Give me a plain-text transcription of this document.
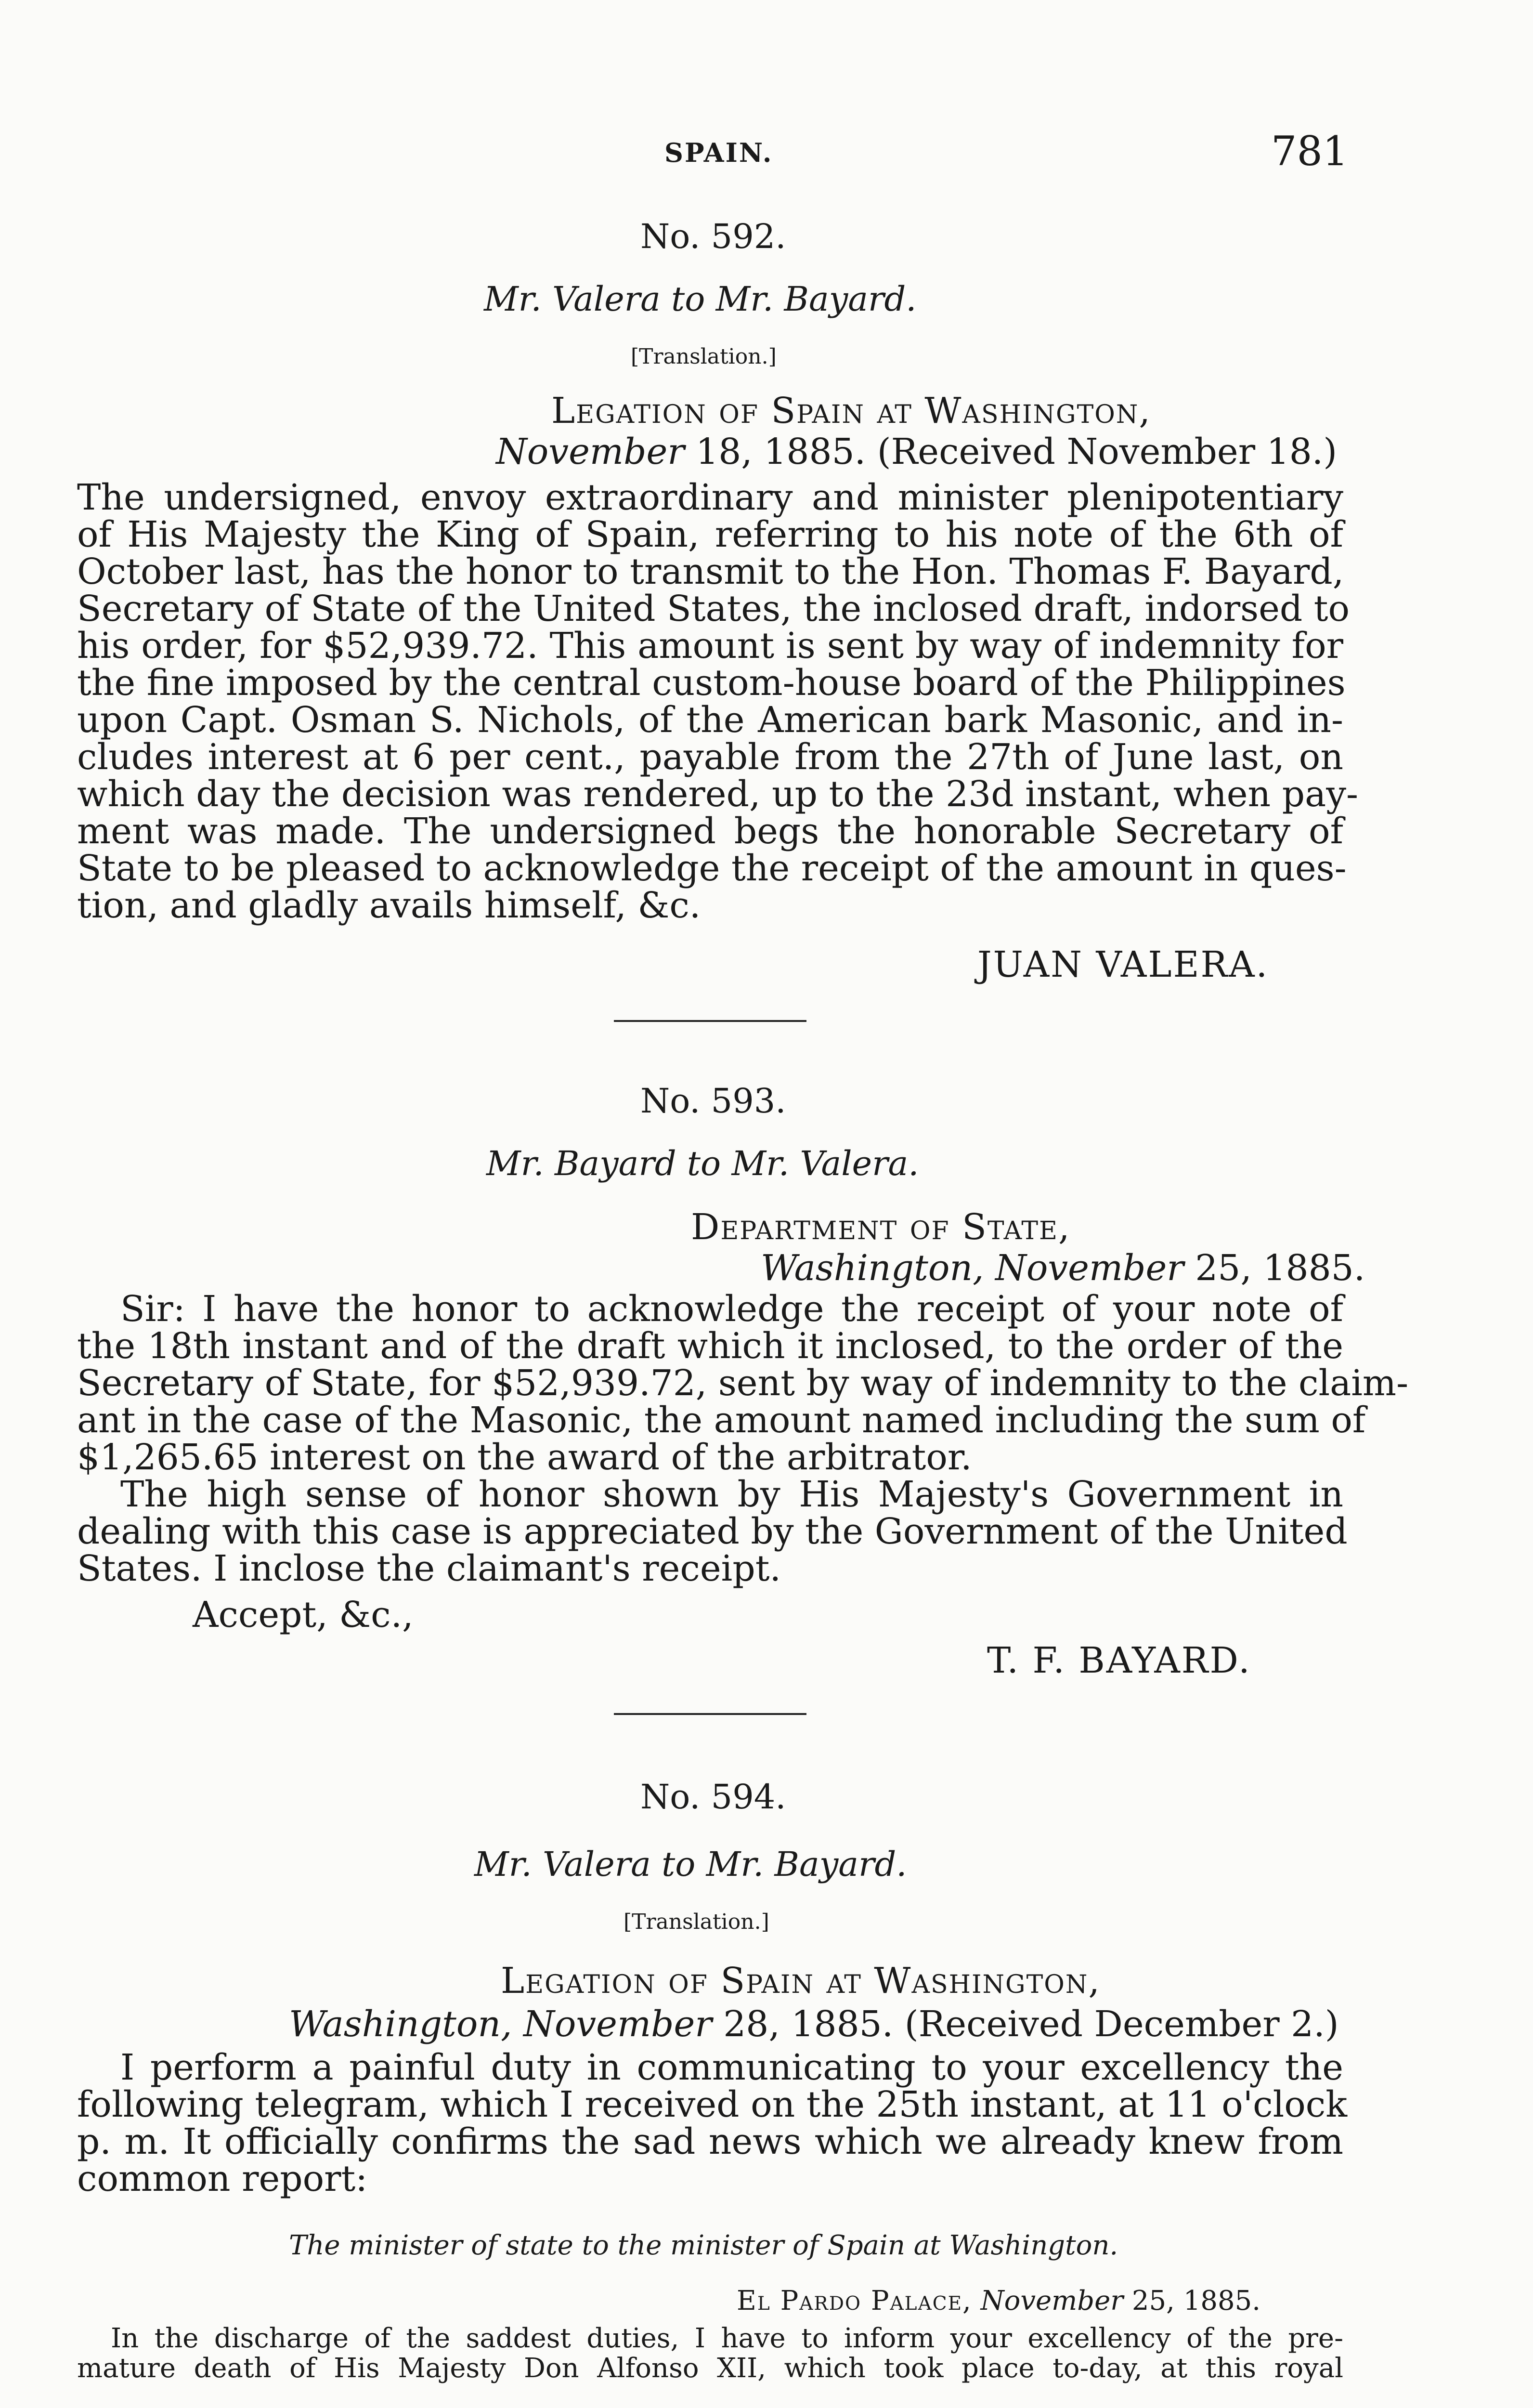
SPAIN.	781
No. 592.
Mr. Valera to Mr. Bayard.
[Translation.]
Legation of Spain at Washington,
November 18, 1885. (Received November 18.)
The undersigned, envoy extraordinary and minister plenipotentiary
of His Majesty the King of Spain, referring to his note of the 6th of
October last, has the honor to transmit to the Hon. Thomas F. Bayard,
Secretary of State of the United States, the inclosed draft, indorsed to
his order, for $52,939.72. This amount is sent by way of indemnity for
the fine imposed by the central custom-house board of the Philippines
upon Capt. Osman S. Nichols, of the American bark Masonic, and in-
cludes interest at 6 per cent., payable from the 27th of June last, on
which day the decision was rendered, up to the 23d instant, when pay-
ment was made. The undersigned begs the honorable Secretary of
State to be pleased to acknowledge the receipt of the amount in ques-
tion, and gladly avails himself, &c.
JUAN VALERA.
No. 593.
Mr. Bayard to Mr. Valera.
Department of State,
Washington, November 25, 1885.
Sir: I have the honor to acknowledge the receipt of your note of
the 18th instant and of the draft which it inclosed, to the order of the
Secretary of State, for $52,939.72, sent by way of indemnity to the claim-
ant in the case of the Masonic, the amount named including the sum of
$1,265.65 interest on the award of the arbitrator.
The high sense of honor shown by His Majesty's Government in
dealing with this case is appreciated by the Government of the United
States. I inclose the claimant's receipt.
Accept, &c.,
T. F. BAYARD.
No. 594.
Mr. Valera to Mr. Bayard.
[Translation.]
Legation of Spain at Washington,
Washington, November 28, 1885. (Received December 2.)
I perform a painful duty in communicating to your excellency the
following telegram, which I received on the 25th instant, at 11 o'clock
p. m. It officially confirms the sad news which we already knew from
common report:
The minister of state to the minister of Spain at Washington.
El Pardo Palace, November 25, 1885.
In the discharge of the saddest duties, I have to inform your excellency of the pre-
mature death of His Majesty Don Alfonso XII, which took place to-day, at this royal
